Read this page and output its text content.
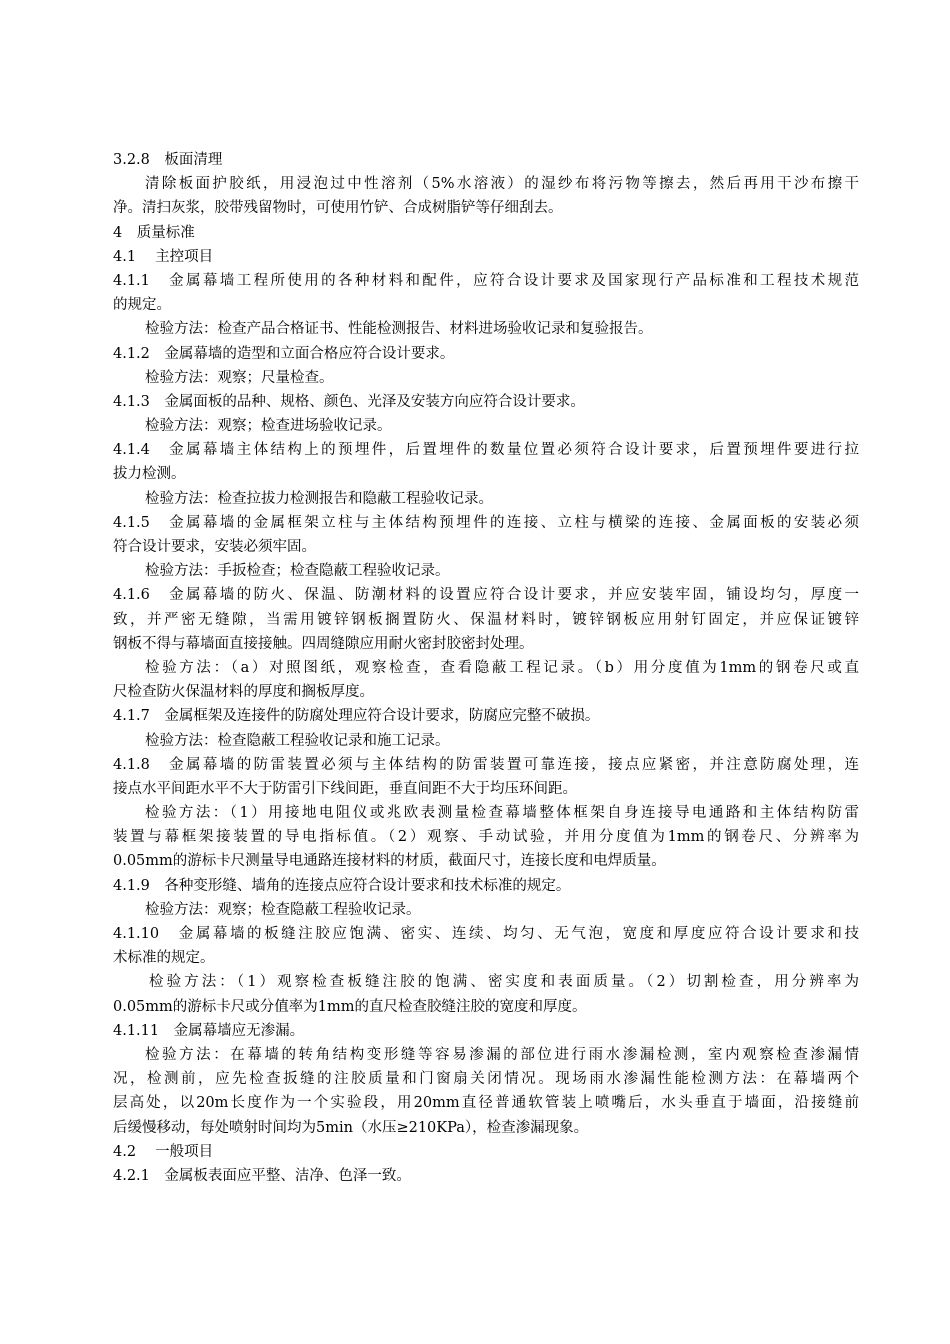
3.2.8　板面清理
清除板面护胶纸，用浸泡过中性溶剂（5%水溶液）的湿纱布将污物等擦去，然后再用干沙布擦干
净。清扫灰浆，胶带残留物时，可使用竹铲、合成树脂铲等仔细刮去。
4　质量标准
4.1　 主控项目
4.1.1　金属幕墙工程所使用的各种材料和配件，应符合设计要求及国家现行产品标准和工程技术规范
的规定。
检验方法：检查产品合格证书、性能检测报告、材料进场验收记录和复验报告。
4.1.2　金属幕墙的造型和立面合格应符合设计要求。
检验方法：观察；尺量检查。
4.1.3　金属面板的品种、规格、颜色、光泽及安装方向应符合设计要求。
检验方法：观察；检查进场验收记录。
4.1.4　金属幕墙主体结构上的预埋件，后置埋件的数量位置必须符合设计要求，后置预埋件要进行拉
拔力检测。
检验方法：检查拉拔力检测报告和隐蔽工程验收记录。
4.1.5　金属幕墙的金属框架立柱与主体结构预埋件的连接、立柱与横梁的连接、金属面板的安装必须
符合设计要求，安装必须牢固。
检验方法：手扳检查；检查隐蔽工程验收记录。
4.1.6　金属幕墙的防火、保温、防潮材料的设置应符合设计要求，并应安装牢固，铺设均匀，厚度一
致，并严密无缝隙，当需用镀锌钢板搁置防火、保温材料时，镀锌钢板应用射钉固定，并应保证镀锌
钢板不得与幕墙面直接接触。四周缝隙应用耐火密封胶密封处理。
检验方法：（a）对照图纸，观察检查，查看隐蔽工程记录。（b）用分度值为1mm的钢卷尺或直
尺检查防火保温材料的厚度和搁板厚度。
4.1.7　金属框架及连接件的防腐处理应符合设计要求，防腐应完整不破损。
检验方法：检查隐蔽工程验收记录和施工记录。
4.1.8　金属幕墙的防雷装置必须与主体结构的防雷装置可靠连接，接点应紧密，并注意防腐处理，连
接点水平间距水平不大于防雷引下线间距，垂直间距不大于均压环间距。
检验方法：（1）用接地电阻仪或兆欧表测量检查幕墙整体框架自身连接导电通路和主体结构防雷
装置与幕框架接装置的导电指标值。（2）观察、手动试验，并用分度值为1mm的钢卷尺、分辨率为
0.05mm的游标卡尺测量导电通路连接材料的材质，截面尺寸，连接长度和电焊质量。
4.1.9　各种变形缝、墙角的连接点应符合设计要求和技术标准的规定。
检验方法：观察；检查隐蔽工程验收记录。
4.1.10　金属幕墙的板缝注胶应饱满、密实、连续、均匀、无气泡，宽度和厚度应符合设计要求和技
术标准的规定。
检验方法：（1）观察检查板缝注胶的饱满、密实度和表面质量。（2）切割检查，用分辨率为
0.05mm的游标卡尺或分值率为1mm的直尺检查胶缝注胶的宽度和厚度。
4.1.11　金属幕墙应无渗漏。
检验方法：在幕墙的转角结构变形缝等容易渗漏的部位进行雨水渗漏检测，室内观察检查渗漏情
况，检测前，应先检查扳缝的注胶质量和门窗扇关闭情况。现场雨水渗漏性能检测方法：在幕墙两个
层高处，以20m长度作为一个实验段，用20mm直径普通软管装上喷嘴后，水头垂直于墙面，沿接缝前
后缓慢移动，每处喷射时间均为5min（水压≥210KPa），检查渗漏现象。
4.2　 一般项目
4.2.1　金属板表面应平整、洁净、色泽一致。
